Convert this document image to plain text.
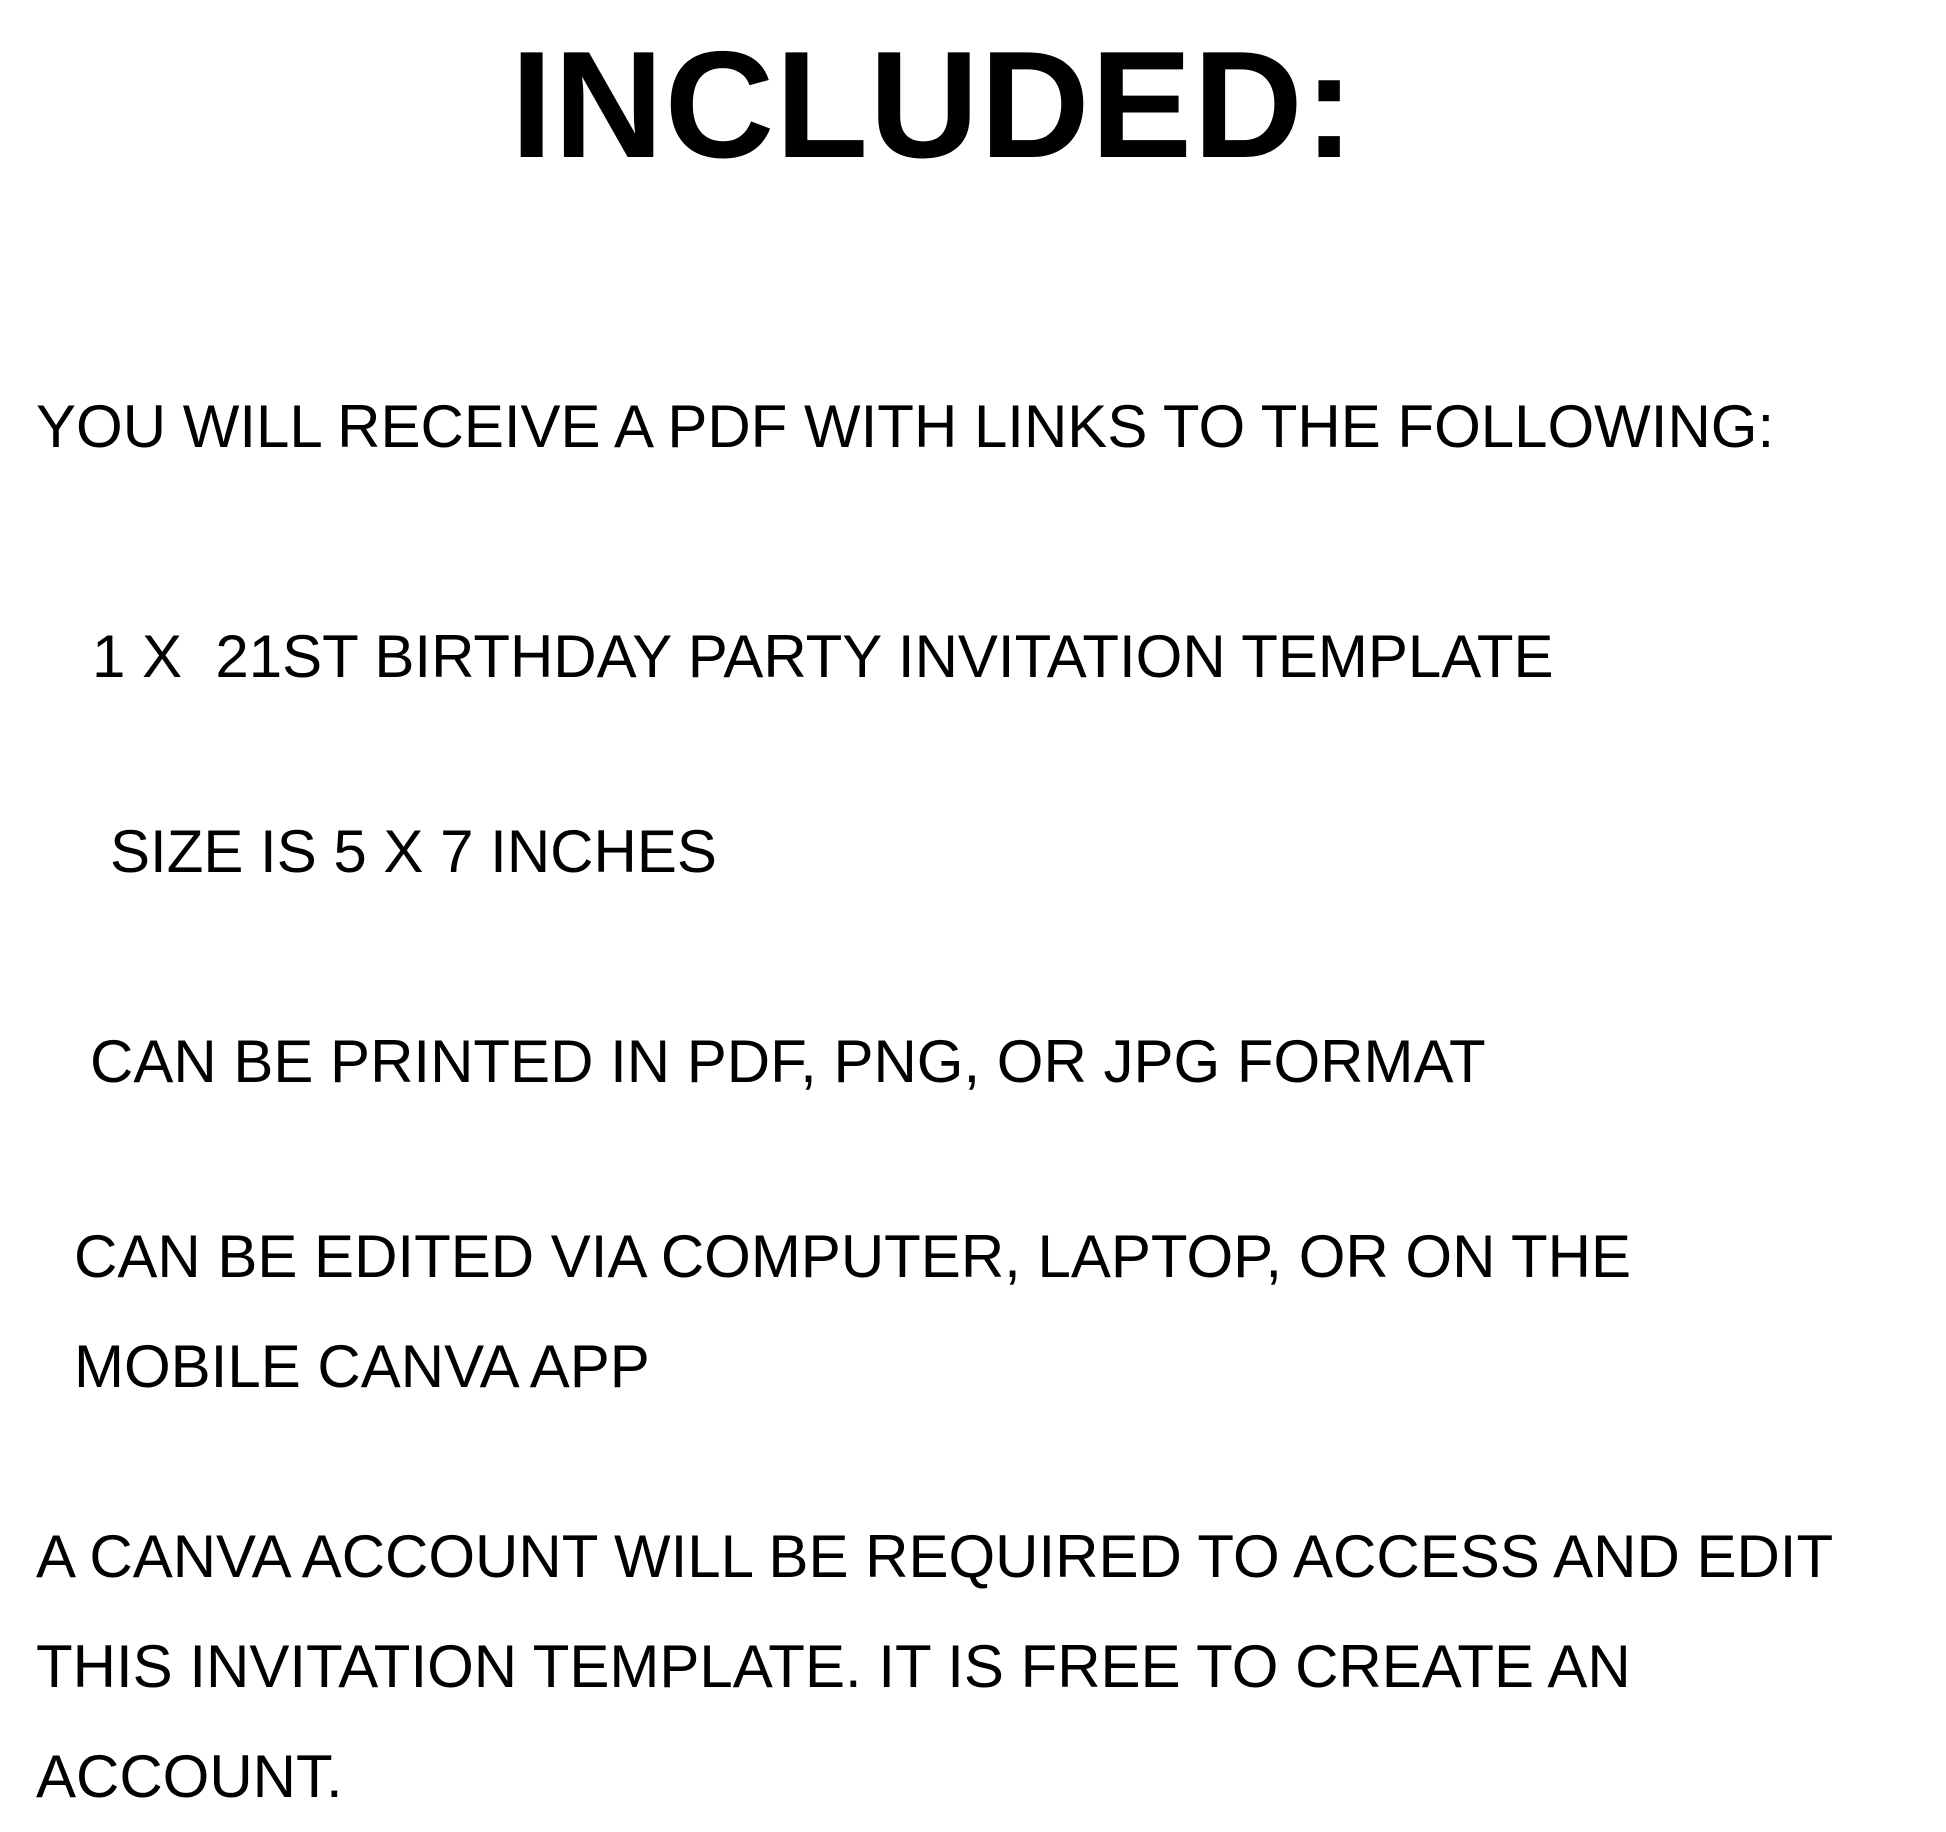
INCLUDED:

YOU WILL RECEIVE A PDF WITH LINKS TO THE FOLLOWING:

1 X  21ST BIRTHDAY PARTY INVITATION TEMPLATE

SIZE IS 5 X 7 INCHES

CAN BE PRINTED IN PDF, PNG, OR JPG FORMAT

CAN BE EDITED VIA COMPUTER, LAPTOP, OR ON THE MOBILE CANVA APP

A CANVA ACCOUNT WILL BE REQUIRED TO ACCESS AND EDIT THIS INVITATION TEMPLATE. IT IS FREE TO CREATE AN ACCOUNT.
